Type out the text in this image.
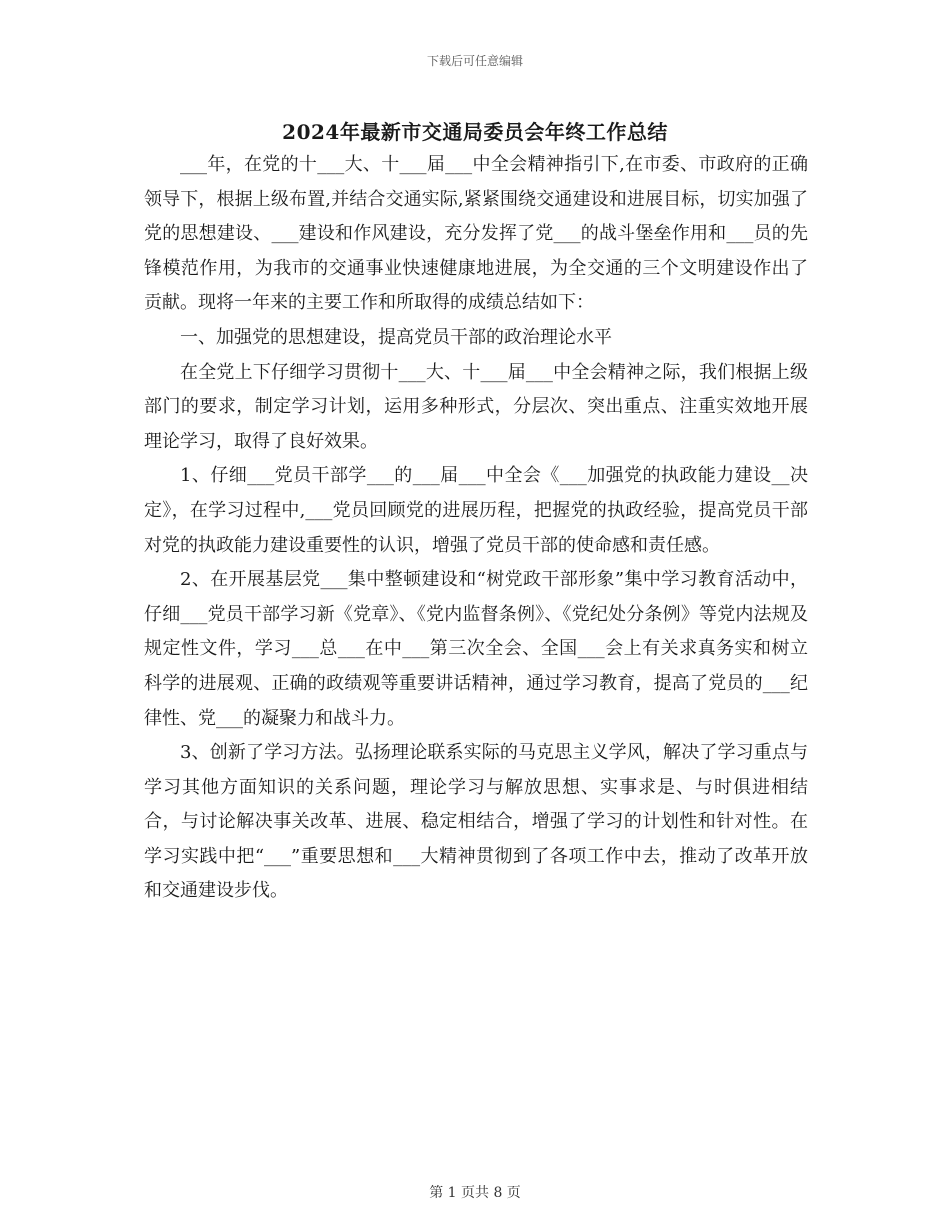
下载后可任意编辑
2024年最新市交通局委员会年终工作总结

___年，在党的十___大、十___届___中全会精神指引下,在市委、市政府的正确领导下，根据上级布置,并结合交通实际,紧紧围绕交通建设和进展目标，切实加强了党的思想建设、___建设和作风建设，充分发挥了党___的战斗堡垒作用和___员的先锋模范作用，为我市的交通事业快速健康地进展，为全交通的三个文明建设作出了贡献。现将一年来的主要工作和所取得的成绩总结如下：

一、加强党的思想建设，提高党员干部的政治理论水平

在全党上下仔细学习贯彻十___大、十___届___中全会精神之际，我们根据上级部门的要求，制定学习计划，运用多种形式，分层次、突出重点、注重实效地开展理论学习，取得了良好效果。

1、仔细___党员干部学___的___届___中全会《___加强党的执政能力建设__决定》，在学习过程中,___党员回顾党的进展历程，把握党的执政经验，提高党员干部对党的执政能力建设重要性的认识，增强了党员干部的使命感和责任感。

2、在开展基层党___集中整顿建设和“树党政干部形象”集中学习教育活动中，仔细___党员干部学习新《党章》、《党内监督条例》、《党纪处分条例》等党内法规及规定性文件，学习___总___在中___第三次全会、全国___会上有关求真务实和树立科学的进展观、正确的政绩观等重要讲话精神，通过学习教育，提高了党员的___纪律性、党___的凝聚力和战斗力。

3、创新了学习方法。弘扬理论联系实际的马克思主义学风，解决了学习重点与学习其他方面知识的关系问题，理论学习与解放思想、实事求是、与时俱进相结合，与讨论解决事关改革、进展、稳定相结合，增强了学习的计划性和针对性。在学习实践中把“___”重要思想和___大精神贯彻到了各项工作中去，推动了改革开放和交通建设步伐。

第 1 页共 8 页
